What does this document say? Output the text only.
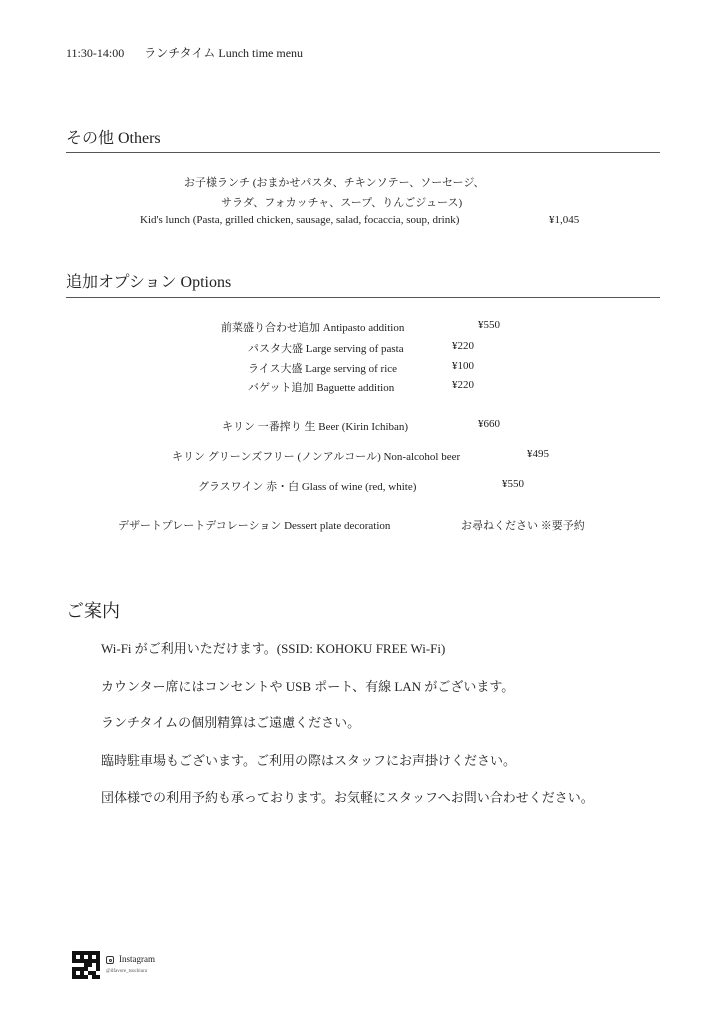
11:30-14:00 ランチタイム Lunch time menu
その他 Others
お子様ランチ (おまかせパスタ、チキンソテー、ソーセージ、
サラダ、フォカッチャ、スープ、りんごジュース)
Kid's lunch (Pasta, grilled chicken, sausage, salad, focaccia, soup, drink)	¥1,045
追加オプション Options
前菜盛り合わせ追加 Antipasto addition	¥550
パスタ大盛 Large serving of pasta	¥220
ライス大盛 Large serving of rice	¥100
バゲット追加 Baguette addition	¥220
キリン 一番搾り 生 Beer (Kirin Ichiban)	¥660
キリン グリーンズフリー (ノンアルコール) Non-alcohol beer	¥495
グラスワイン 赤・白 Glass of wine (red, white)	¥550
デザートプレートデコレーション Dessert plate decoration	お尋ねください ※要予約
ご案内
Wi-Fi がご利用いただけます。(SSID: KOHOKU FREE Wi-Fi)
カウンター席にはコンセントや USB ポート、有線 LAN がございます。
ランチタイムの個別精算はご遠慮ください。
臨時駐車場もございます。ご利用の際はスタッフにお声掛けください。
団体様での利用予約も承っております。お気軽にスタッフへお問い合わせください。
Instagram
@ilfavore_tsuchiura
